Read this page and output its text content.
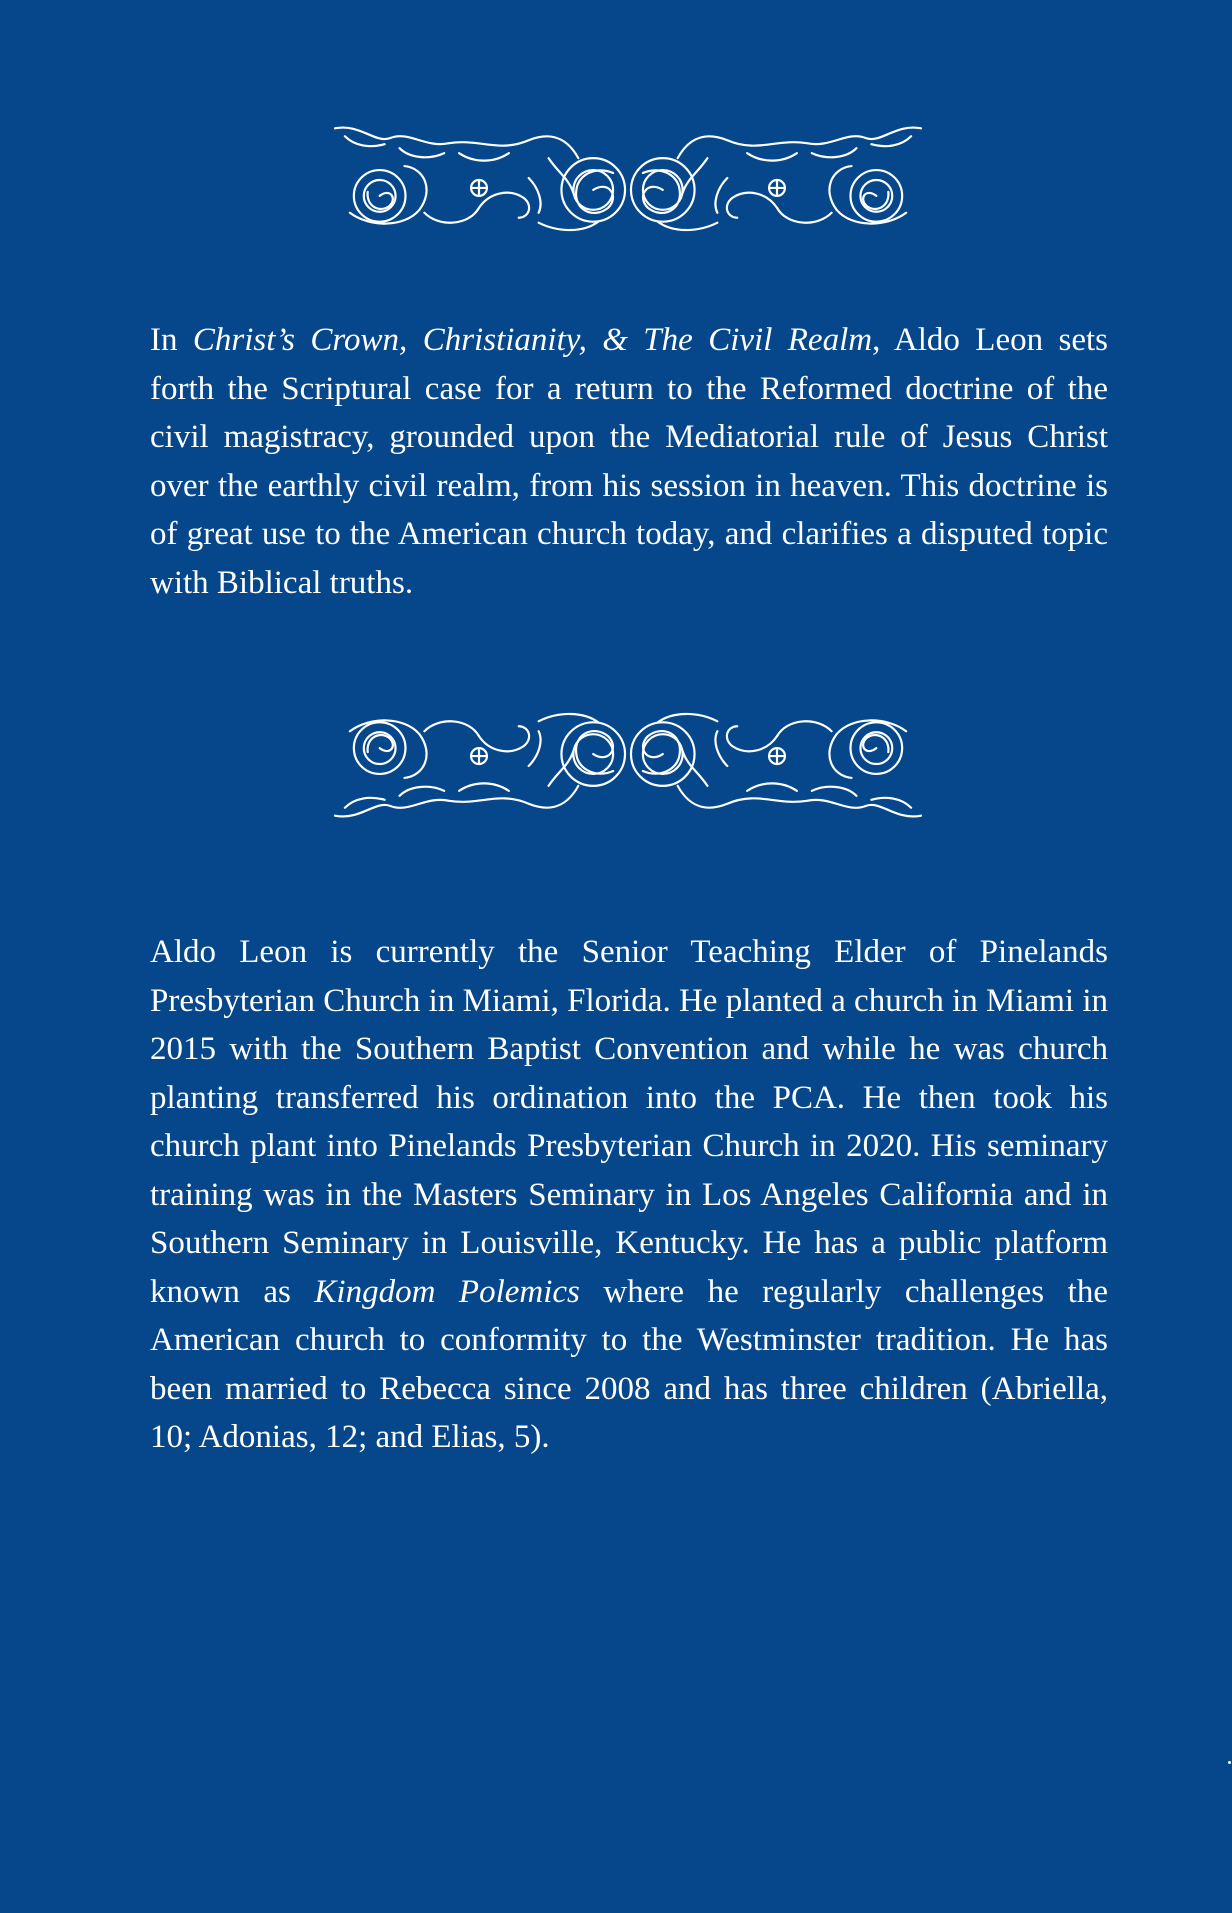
In Christ’s Crown, Christianity, & The Civil Realm, Aldo Leon sets forth the Scriptural case for a return to the Reformed doctrine of the civil magistracy, grounded upon the Mediatorial rule of Jesus Christ over the earthly civil realm, from his session in heaven. This doctrine is of great use to the American church today, and clarifies a disputed topic with Biblical truths.

Aldo Leon is currently the Senior Teaching Elder of Pinelands Presbyterian Church in Miami, Florida. He planted a church in Miami in 2015 with the Southern Baptist Convention and while he was church planting transferred his ordination into the PCA. He then took his church plant into Pinelands Presbyterian Church in 2020. His seminary training was in the Masters Seminary in Los Angeles California and in Southern Seminary in Louisville, Kentucky. He has a public platform known as Kingdom Polemics where he regularly challenges the American church to conformity to the Westminster tradition. He has been married to Rebecca since 2008 and has three children (Abriella, 10; Adonias, 12; and Elias, 5).
